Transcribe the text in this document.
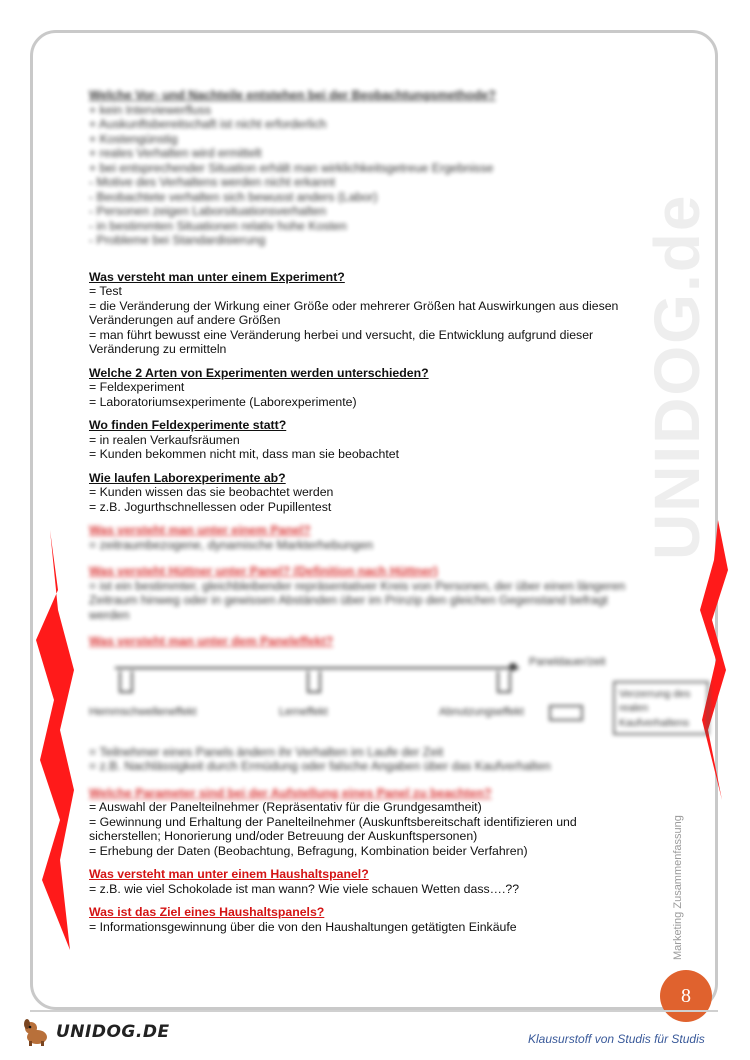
UNIDOG.de
Welche Vor- und Nachteile entstehen bei der Beobachtungsmethode?
+ kein Interviewerfluss
+ Auskunftsbereitschaft ist nicht erforderlich
+ Kostengünstig
+ reales Verhalten wird ermittelt
+ bei entsprechender Situation erhält man wirklichkeitsgetreue Ergebnisse
- Motive des Verhaltens werden nicht erkannt
- Beobachtete verhalten sich bewusst anders (Labor)
- Personen zeigen Laborsituationsverhalten
- in bestimmten Situationen relativ hohe Kosten
- Probleme bei Standardisierung
Was versteht man unter einem Experiment?
= Test
= die Veränderung der Wirkung einer Größe oder mehrerer Größen hat Auswirkungen aus diesen Veränderungen auf andere Größen
= man führt bewusst eine Veränderung herbei und versucht, die Entwicklung aufgrund dieser Veränderung zu ermitteln
Welche 2 Arten von Experimenten werden unterschieden?
= Feldexperiment
= Laboratoriumsexperimente (Laborexperimente)
Wo finden Feldexperimente statt?
= in realen Verkaufsräumen
= Kunden bekommen nicht mit, dass man sie beobachtet
Wie laufen Laborexperimente ab?
= Kunden wissen das sie beobachtet werden
= z.B. Jogurthschnellessen oder Pupillentest
Was versteht man unter einem Panel?
= zeitraumbezogene, dynamische Markterhebungen
Was versteht Hüttner unter Panel? (Definition nach Hüttner)
= ist ein bestimmter, gleichbleibender repräsentativer Kreis von Personen, der über einen längeren Zeitraum hinweg oder in gewissen Abständen über im Prinzip den gleichen Gegenstand befragt werden
Was versteht man unter dem Paneleffekt?
Paneldauer/zeit
Hemmschwelleneffekt	Lerneffekt	Abnutzungseffekt
Verzerrung des realen Kaufverhaltens
= Teilnehmer eines Panels ändern ihr Verhalten im Laufe der Zeit
= z.B. Nachlässigkeit durch Ermüdung oder falsche Angaben über das Kaufverhalten
Welche Parameter sind bei der Aufstellung eines Panel zu beachten?
= Auswahl der Panelteilnehmer (Repräsentativ für die Grundgesamtheit)
= Gewinnung und Erhaltung der Panelteilnehmer (Auskunftsbereitschaft identifizieren und sicherstellen; Honorierung und/oder Betreuung der Auskunftspersonen)
= Erhebung der Daten (Beobachtung, Befragung, Kombination beider Verfahren)
Was versteht man unter einem Haushaltspanel?
= z.B. wie viel Schokolade ist man wann? Wie viele schauen Wetten dass….??
Was ist das Ziel eines Haushaltspanels?
= Informationsgewinnung über die von den Haushaltungen getätigten Einkäufe	Marketing Zusammenfassung
8
UNIDOG.DE	Klausurstoff von Studis für Studis
